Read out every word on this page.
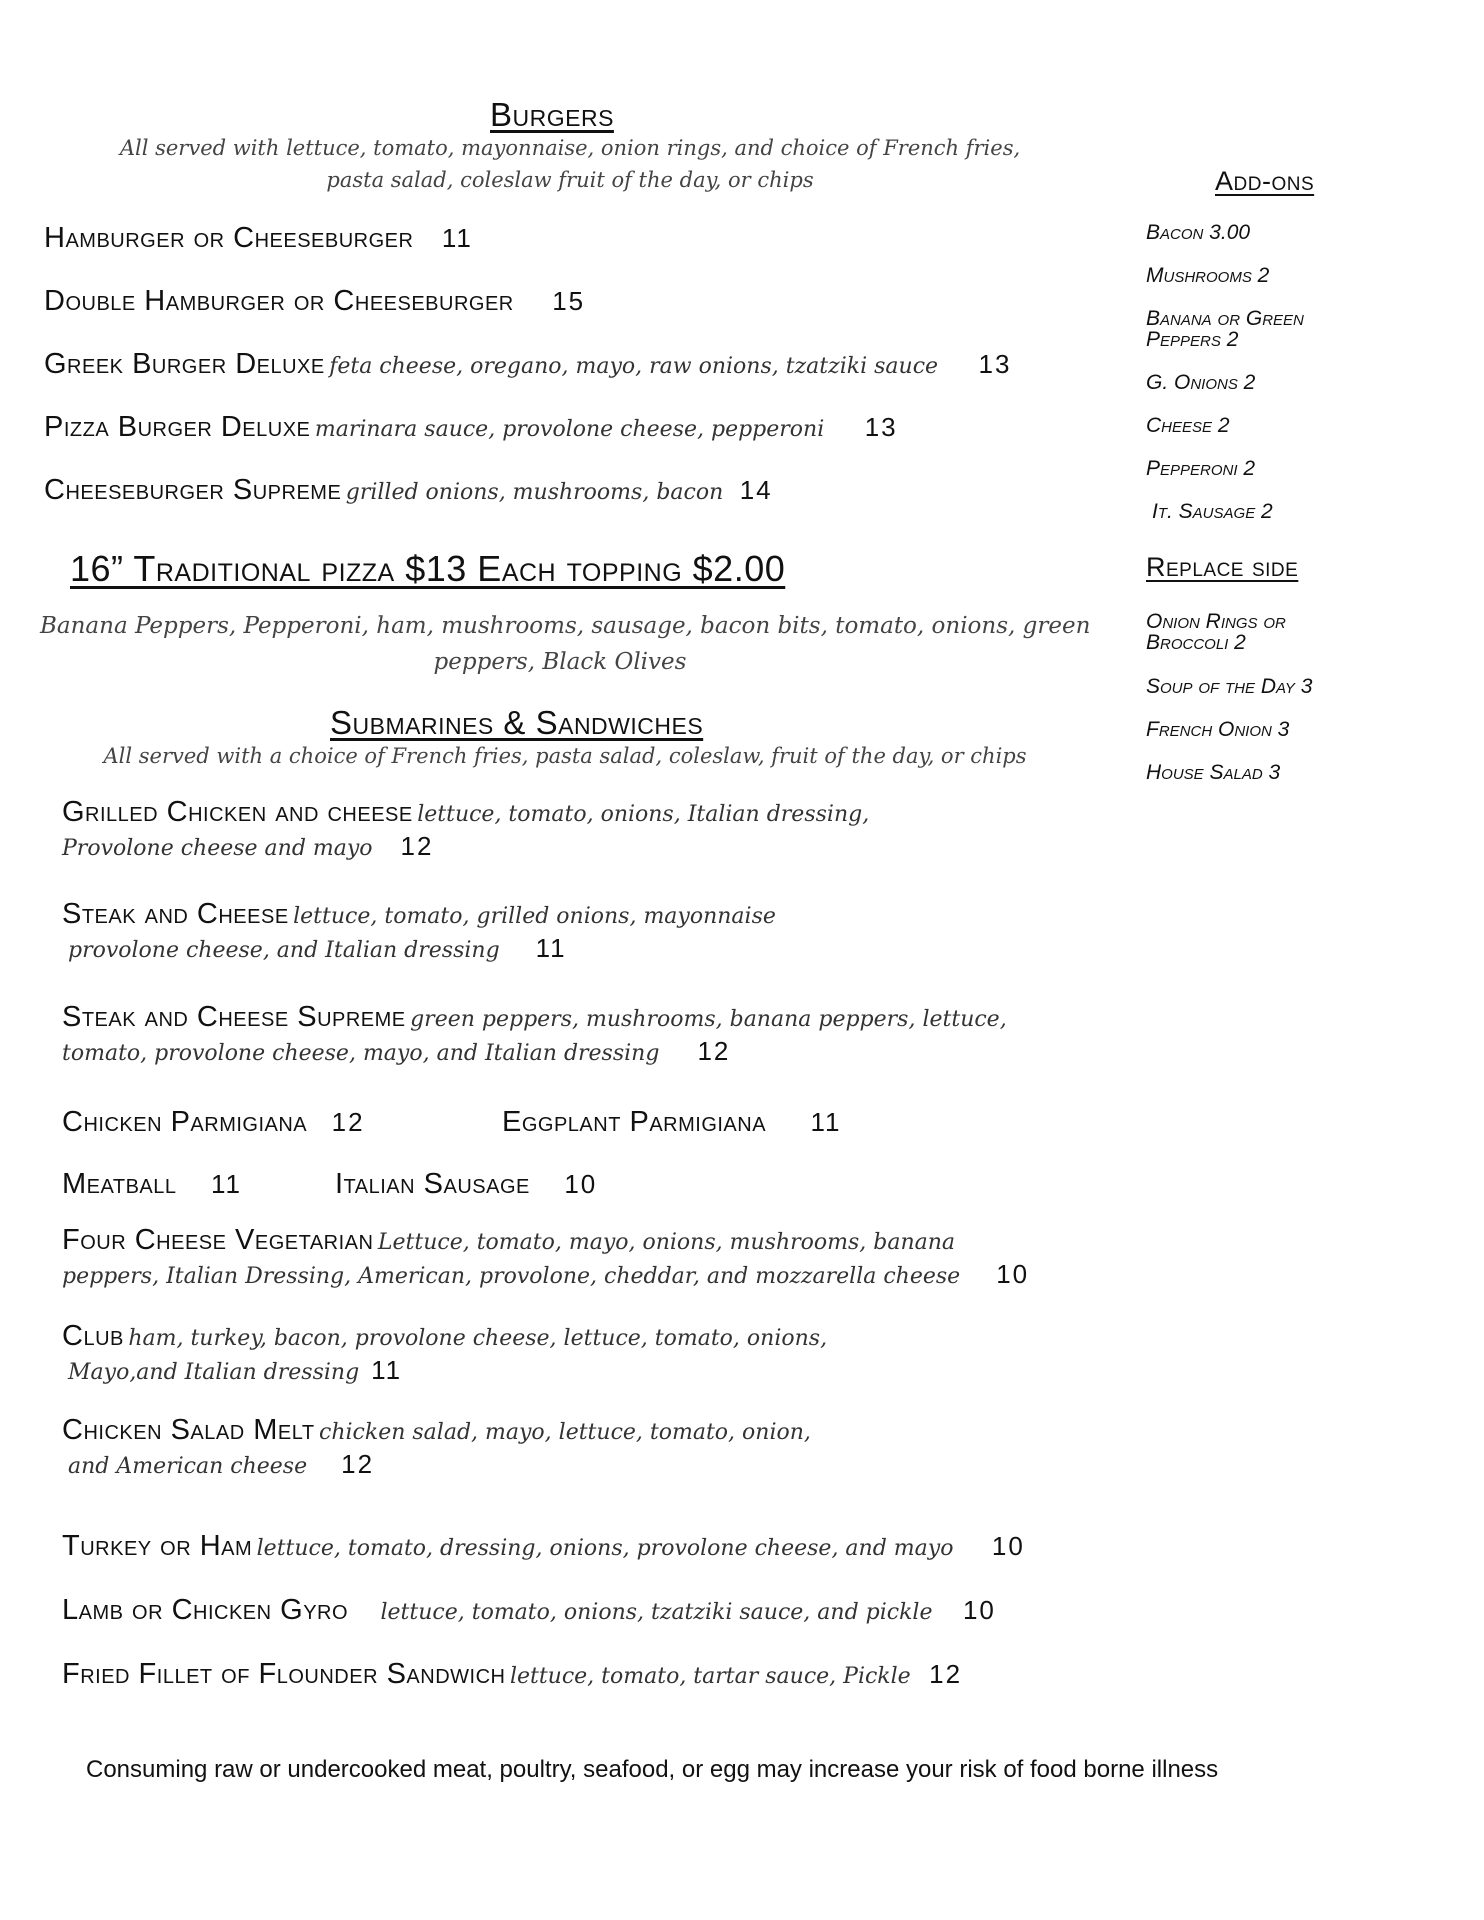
Burgers
All served with lettuce, tomato, mayonnaise, onion rings, and choice of French fries,
pasta salad, coleslaw fruit of the day, or chips
Hamburger or Cheeseburger 11
Double Hamburger or Cheeseburger 15
Greek Burger Deluxe feta cheese, oregano, mayo, raw onions, tzatziki sauce 13
Pizza Burger Deluxe marinara sauce, provolone cheese, pepperoni 13
Cheeseburger Supreme grilled onions, mushrooms, bacon 14
16” Traditional pizza $13 Each topping $2.00
Banana Peppers, Pepperoni, ham, mushrooms, sausage, bacon bits, tomato, onions, green
peppers, Black Olives
Submarines & Sandwiches
All served with a choice of French fries, pasta salad, coleslaw, fruit of the day, or chips
Grilled Chicken and cheese lettuce, tomato, onions, Italian dressing,
Provolone cheese and mayo 12
Steak and Cheese lettuce, tomato, grilled onions, mayonnaise
provolone cheese, and Italian dressing 11
Steak and Cheese Supreme green peppers, mushrooms, banana peppers, lettuce,
tomato, provolone cheese, mayo, and Italian dressing 12
Chicken Parmigiana 12	Eggplant Parmigiana 11
Meatball 11	Italian Sausage 10
Four Cheese Vegetarian Lettuce, tomato, mayo, onions, mushrooms, banana
peppers, Italian Dressing, American, provolone, cheddar, and mozzarella cheese 10
Club ham, turkey, bacon, provolone cheese, lettuce, tomato, onions,
Mayo,and Italian dressing 11
Chicken Salad Melt chicken salad, mayo, lettuce, tomato, onion,
and American cheese 12
Turkey or Ham lettuce, tomato, dressing, onions, provolone cheese, and mayo 10
Lamb or Chicken Gyro lettuce, tomato, onions, tzatziki sauce, and pickle 10
Fried Fillet of Flounder Sandwich lettuce, tomato, tartar sauce, Pickle 12
Add-ons
Bacon 3.00
Mushrooms 2
Banana or Green
Peppers 2
G. Onions 2
Cheese 2
Pepperoni 2
It. Sausage 2
Replace side
Onion Rings or
Broccoli 2
Soup of the Day 3
French Onion 3
House Salad 3
Consuming raw or undercooked meat, poultry, seafood, or egg may increase your risk of food borne illness
